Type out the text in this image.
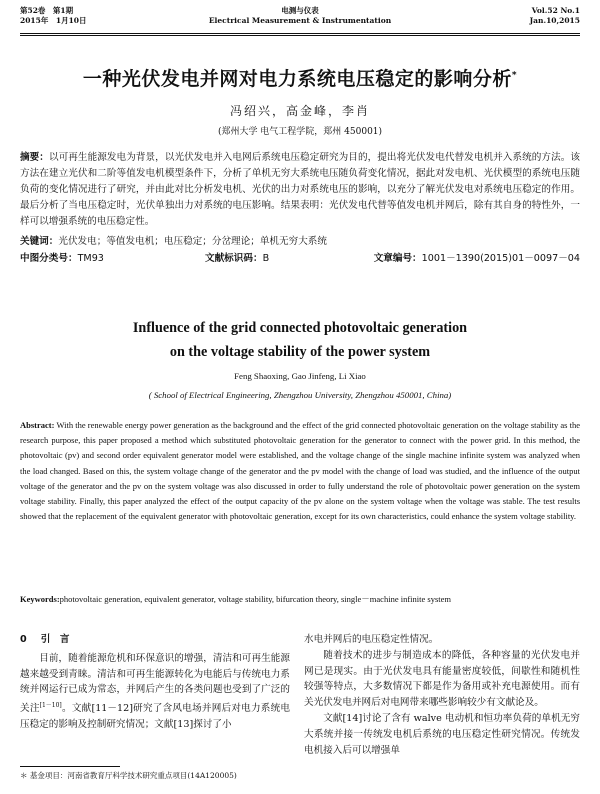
第52卷　第1期
2015年　1月10日
电测与仪表
Electrical Measurement & Instrumentation
Vol.52 No.1
Jan.10,2015
一种光伏发电并网对电力系统电压稳定的影响分析*
冯绍兴，高金峰，李肖
(郑州大学 电气工程学院，郑州 450001)
摘要：以可再生能源发电为背景，以光伏发电并入电网后系统电压稳定研究为目的，提出将光伏发电代替发电机并入系统的方法。该方法在建立光伏和二阶等值发电机模型条件下，分析了单机无穷大系统电压随负荷变化情况，据此对发电机、光伏模型的系统电压随负荷的变化情况进行了研究，并由此对比分析发电机、光伏的出力对系统电压的影响，以充分了解光伏发电对系统电压稳定的作用。最后分析了当电压稳定时，光伏单独出力对系统的电压影响。结果表明：光伏发电代替等值发电机并网后，除有其自身的特性外，一样可以增强系统的电压稳定性。
关键词：光伏发电；等值发电机；电压稳定；分岔理论；单机无穷大系统
中图分类号：TM93	文献标识码：B	文章编号：1001－1390(2015)01－0097－04
Influence of the grid connected photovoltaic generation
on the voltage stability of the power system
Feng Shaoxing, Gao Jinfeng, Li Xiao
( School of Electrical Engineering, Zhengzhou University, Zhengzhou 450001, China)
Abstract: With the renewable energy power generation as the background and the effect of the grid connected photovoltaic generation on the voltage stability as the research purpose, this paper proposed a method which substituted photovoltaic generation for the generator to connect with the power grid. In this method, the photovoltaic (pv) and second order equivalent generator model were established, and the voltage change of the single machine infinite system was analyzed when the load changed. Based on this, the system voltage change of the generator and the pv model with the change of load was studied, and the influence of the output voltage of the generator and the pv on the system voltage was also discussed in order to fully understand the role of photovoltaic power generation on the system voltage stability. Finally, this paper analyzed the effect of the output capacity of the pv alone on the system voltage when the voltage was stable. The test results showed that the replacement of the equivalent generator with photovoltaic generation, except for its own characteristics, could enhance the system voltage stability.
Keywords:photovoltaic generation, equivalent generator, voltage stability, bifurcation theory, single－machine infinite system
0 引　言

目前，随着能源危机和环保意识的增强，清洁和可再生能源越来越受到青睐。清洁和可再生能源转化为电能后与传统电力系统并网运行已成为常态，并网后产生的各类问题也受到了广泛的关注[1－10]。文献[11－12]研究了含风电场并网后对电力系统电压稳定的影响及控制研究情况；文献[13]探讨了小

水电并网后的电压稳定性情况。

随着技术的进步与制造成本的降低，各种容量的光伏发电并网已是现实。由于光伏发电具有能量密度较低，间歇性和随机性较强等特点，大多数情况下都是作为备用或补充电源使用。而有关光伏发电并网后对电网带来哪些影响较少有文献论及。

文献[14]讨论了含有 walve 电动机和恒功率负荷的单机无穷大系统并接一传统发电机后系统的电压稳定性研究情况。传统发电机接入后可以增强单

＊ 基金项目：河南省教育厅科学技术研究重点项目(14A120005)
